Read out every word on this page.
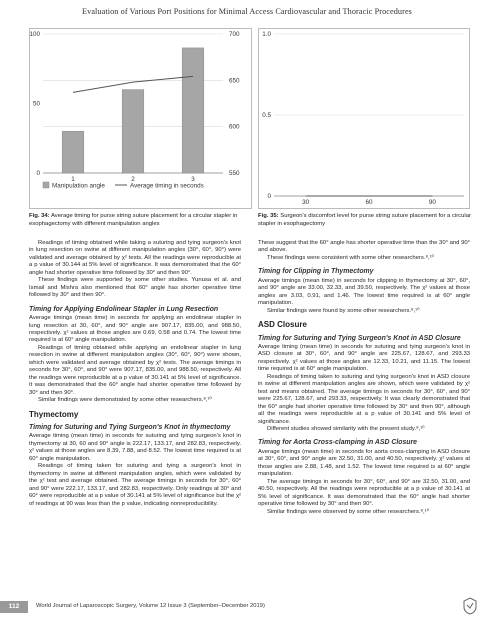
Evaluation of Various Port Positions for Minimal Access Cardiovascular and Thoracic Procedures
550
600
650
700
0
50
100
1	2	3
Manipulation angle	Average timing in seconds
Fig. 34: Average timing for purse string suture placement for a circular stapler in esophagectomy with different manipulation angles
0
0.5
1.0
30	60	90
Fig. 35: Surgeon's discomfort level for purse string suture placement for a circular stapler in esophagectomy

Readings of timing obtained while taking a suturing and tying surgeon's knot in lung resection on swine at different manipulation angles (30°, 60°, 90°) were validated and average obtained by χ² tests. All the readings were reproducible at a p value of 30.144 at 5% level of significance. It was demonstrated that the 60° angle had shorter operative time followed by 30° and then 90°.

These findings were supported by some other studies. Yunusa et al. and Ismail and Mishra also mentioned that 60° angle has shorter operative time followed by 30° and then 90°.

Timing for Applying Endolinear Stapler in Lung Resection

Average timings (mean time) in seconds for applying an endolinear stapler in lung resection at 30, 60°, and 90° angle are 907.17, 835.00, and 988.50, respectively. χ² values at those angles are 0.69, 0.58 and 0.74. The lowest time required is at 60° angle manipulation.

Readings of timing obtained while applying an endolinear stapler in lung resection in swine at different manipulation angles (30°, 60°, 90°) were shown, which were validated and average obtained by χ² tests. The average timings in seconds for 30°, 60°, and 90° were 907.17, 835.00, and 988.50, respectively. All the readings were reproducible at a p value of 30.141 at 5% level of significance. It was demonstrated that the 60° angle had shorter operative time followed by 30° and then 90°.

Similar findings were demonstrated by some other researchers.⁸,¹⁰

Thymectomy
Timing for Suturing and Tying Surgeon's Knot in thymectomy

Average timing (mean time) in seconds for suturing and tying surgeon's knot in thymectomy at 30, 60 and 90° angle is 222.17, 133.17, and 282.83, respectively. χ² values at those angles are 8.39, 7.88, and 8.52. The lowest time required is at 60° angle manipulation.

Readings of timing taken for suturing and tying a surgeon's knot in thymectomy in swine at different manipulation angles, which were validated by the χ² test and average obtained. The average timings in seconds for 30°, 60° and 90° were 222.17, 133.17, and 282.83, respectively. Only readings at 30° and 60° were reproducible at a p value of 30.141 at 5% level of significance but the χ² of readings at 90 was less than the p value, indicating nonreproducibility.

These suggest that the 60° angle has shorter operative time than the 30° and 90° and above.

These findings were consistent with some other researchers.⁸,¹⁰

Timing for Clipping in Thymectomy

Average timings (mean time) in seconds for clipping in thymectomy at 30°, 60°, and 90° angle are 33.00, 32.33, and 39.50, respectively. The χ² values at those angles are 3.03, 0.91, and 1.46. The lowest time required is at 60° angle manipulation.

Similar findings were found by some other researchers.⁸,¹⁰

ASD Closure
Timing for Suturing and Tying Surgeon's Knot in ASD Closure

Average timing (mean time) in seconds for suturing and tying surgeon's knot in ASD closure at 30°, 60°, and 90° angle are 225.67, 128.67, and 293.33 respectively. χ² values at those angles are 12.33, 10.21, and 11.15. The lowest time required is at 60° angle manipulation.

Readings of timing taken to suturing and tying surgeon's knot in ASD closure in swine at different manipulation angles are shown, which were validated by χ² test and means obtained. The average timings in seconds for 30°, 60°, and 90° were 225.67, 128.67, and 293.33, respectively. It was clearly demonstrated that the 60° angle had shorter operative time followed by 30° and then 90°, although all the readings were reproducible at a p value of 30.141 and 5% level of significance.

Different studies showed similarity with the present study.⁸,¹⁰

Timing for Aorta Cross-clamping in ASD Closure

Average timings (mean time) in seconds for aorta cross-clamping in ASD closure at 30°, 60°, and 90° angle are 32.50, 31.00, and 40.50, respectively. χ² values at those angles are 2.88, 1.48, and 1.52. The lowest time required is at 60° angle manipulation.

The average timings in seconds for 30°, 60°, and 90° are 32.50, 31.00, and 40.50, respectively. All the readings were reproducible at a p value of 30.141 at 5% level of significance. It was demonstrated that the 60° angle had shorter operative time followed by 30° and then 90°.

Similar findings were observed by some other researchers.⁸,¹⁰

112	World Journal of Laparoscopic Surgery, Volume 12 Issue 3 (September–December 2019)
